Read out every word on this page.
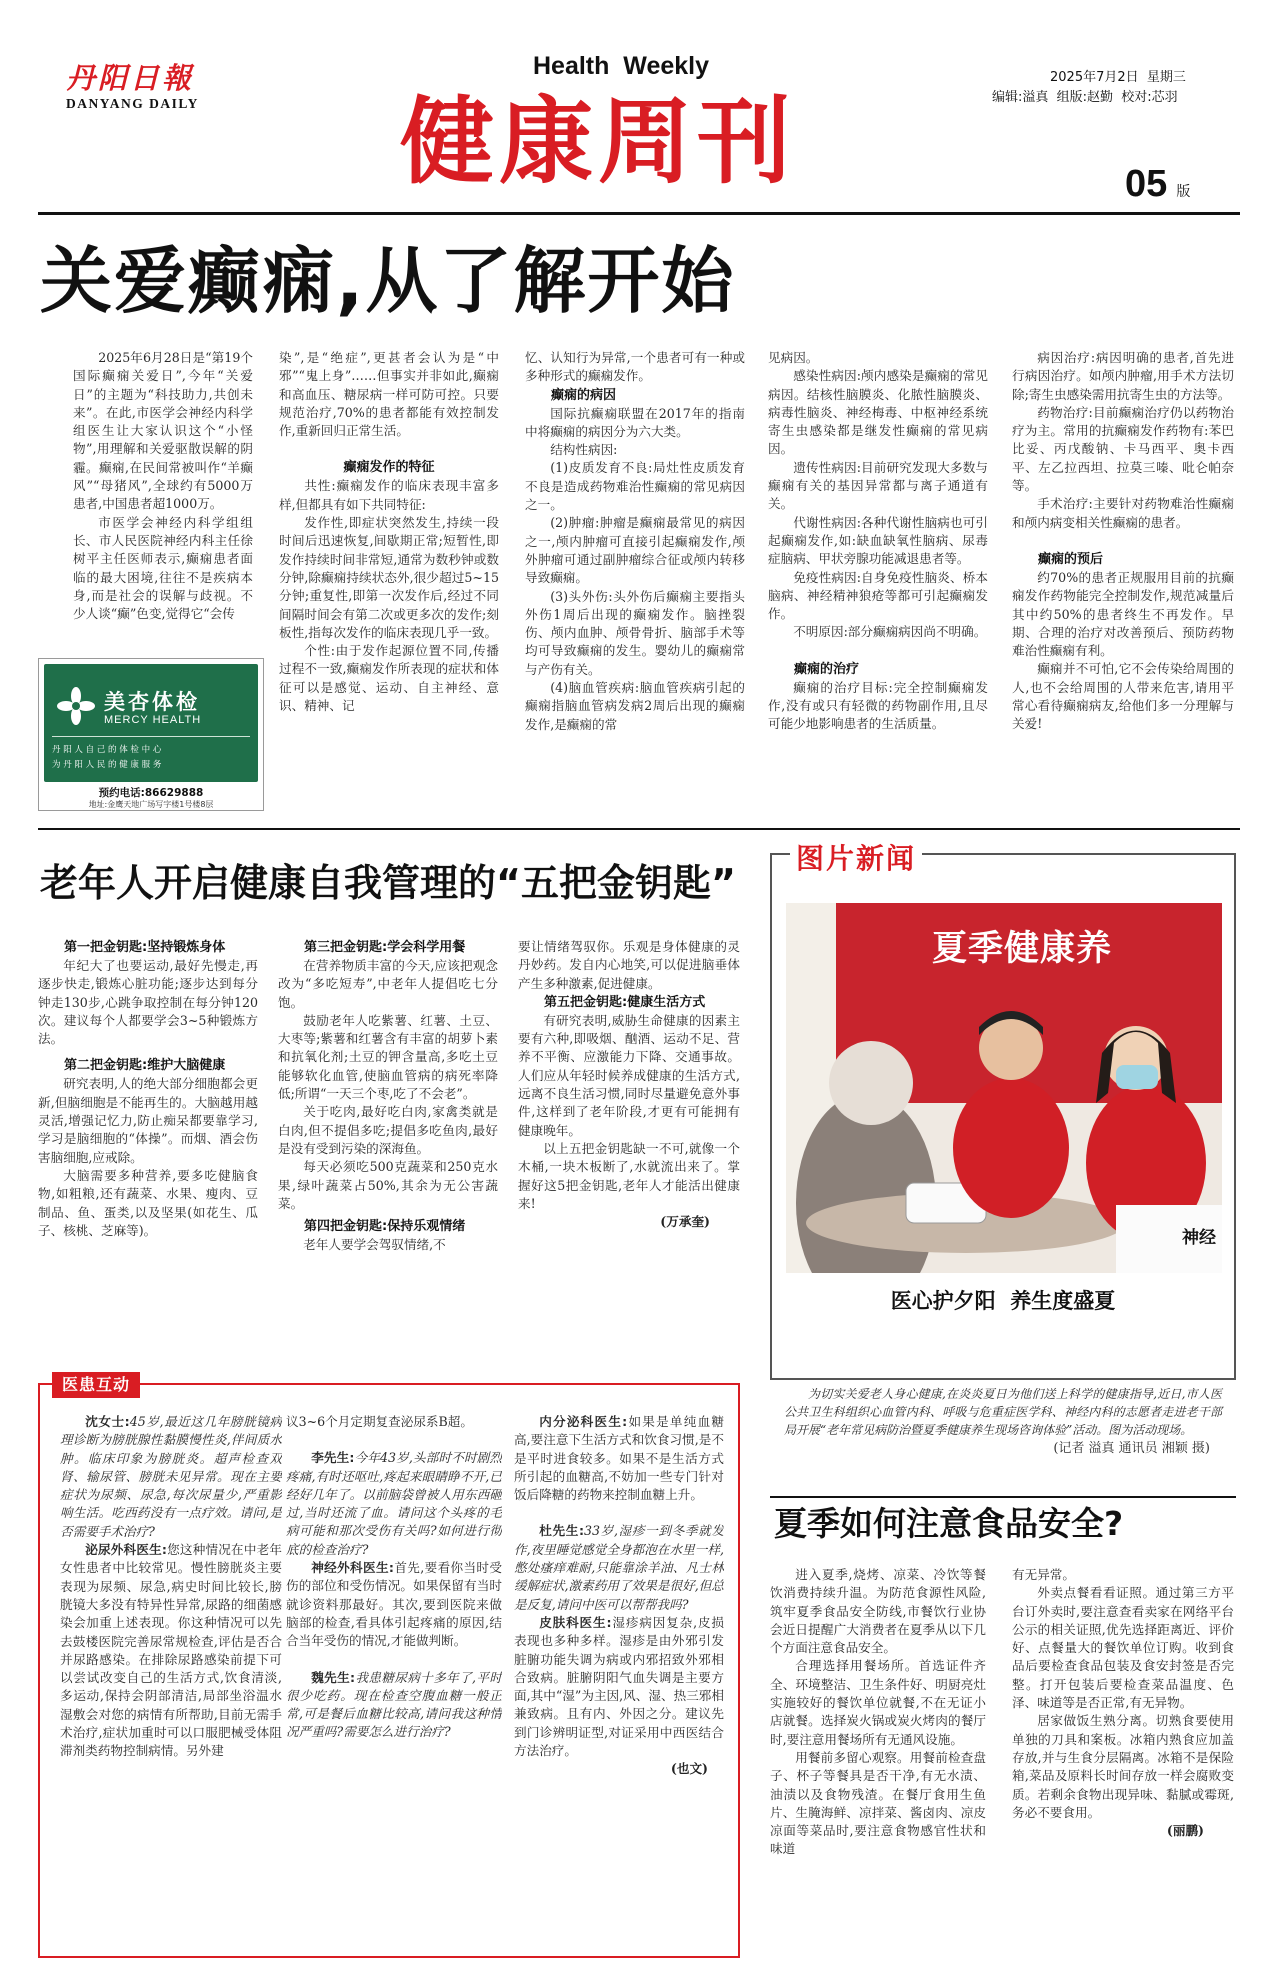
丹阳日報
DANYANG DAILY
Health  Weekly
健康周刊
2025年7月2日  星期三
编辑:溢真  组版:赵勤  校对:芯羽
05 版
关爱癫痫,从了解开始

2025年6月28日是“第19个国际癫痫关爱日”,今年“关爱日”的主题为“科技助力,共创未来”。在此,市医学会神经内科学组医生让大家认识这个“小怪物”,用理解和关爱驱散误解的阴霾。癫痫,在民间常被叫作“羊癫风”“母猪风”,全球约有5000万患者,中国患者超1000万。

市医学会神经内科学组组长、市人民医院神经内科主任徐树平主任医师表示,癫痫患者面临的最大困境,往往不是疾病本身,而是社会的误解与歧视。不少人谈“癫”色变,觉得它“会传

美杏体检
MERCY HEALTH
丹 阳 人 自 己 的 体 检 中 心
为 丹 阳 人 民 的 健 康 服 务
预约电话:86629888
地址:金鹰天地广场写字楼1号楼8层

染”,是“绝症”,更甚者会认为是“中邪”“鬼上身”……但事实并非如此,癫痫和高血压、糖尿病一样可防可控。只要规范治疗,70%的患者都能有效控制发作,重新回归正常生活。

癫痫发作的特征

共性:癫痫发作的临床表现丰富多样,但都具有如下共同特征:

发作性,即症状突然发生,持续一段时间后迅速恢复,间歇期正常;短暂性,即发作持续时间非常短,通常为数秒钟或数分钟,除癫痫持续状态外,很少超过5~15分钟;重复性,即第一次发作后,经过不同间隔时间会有第二次或更多次的发作;刻板性,指每次发作的临床表现几乎一致。

个性:由于发作起源位置不同,传播过程不一致,癫痫发作所表现的症状和体征可以是感觉、运动、自主神经、意识、精神、记

忆、认知行为异常,一个患者可有一种或多种形式的癫痫发作。

癫痫的病因

国际抗癫痫联盟在2017年的指南中将癫痫的病因分为六大类。

结构性病因:

(1)皮质发育不良:局灶性皮质发育不良是造成药物难治性癫痫的常见病因之一。

(2)肿瘤:肿瘤是癫痫最常见的病因之一,颅内肿瘤可直接引起癫痫发作,颅外肿瘤可通过副肿瘤综合征或颅内转移导致癫痫。

(3)头外伤:头外伤后癫痫主要指头外伤1周后出现的癫痫发作。脑挫裂伤、颅内血肿、颅骨骨折、脑部手术等均可导致癫痫的发生。婴幼儿的癫痫常与产伤有关。

(4)脑血管疾病:脑血管疾病引起的癫痫指脑血管病发病2周后出现的癫痫发作,是癫痫的常

见病因。

感染性病因:颅内感染是癫痫的常见病因。结核性脑膜炎、化脓性脑膜炎、病毒性脑炎、神经梅毒、中枢神经系统寄生虫感染都是继发性癫痫的常见病因。

遗传性病因:目前研究发现大多数与癫痫有关的基因异常都与离子通道有关。

代谢性病因:各种代谢性脑病也可引起癫痫发作,如:缺血缺氧性脑病、尿毒症脑病、甲状旁腺功能减退患者等。

免疫性病因:自身免疫性脑炎、桥本脑病、神经精神狼疮等都可引起癫痫发作。

不明原因:部分癫痫病因尚不明确。

癫痫的治疗

癫痫的治疗目标:完全控制癫痫发作,没有或只有轻微的药物副作用,且尽可能少地影响患者的生活质量。

病因治疗:病因明确的患者,首先进行病因治疗。如颅内肿瘤,用手术方法切除;寄生虫感染需用抗寄生虫的方法等。

药物治疗:目前癫痫治疗仍以药物治疗为主。常用的抗癫痫发作药物有:苯巴比妥、丙戊酸钠、卡马西平、奥卡西平、左乙拉西坦、拉莫三嗪、吡仑帕奈等。

手术治疗:主要针对药物难治性癫痫和颅内病变相关性癫痫的患者。

癫痫的预后

约70%的患者正规服用目前的抗癫痫发作药物能完全控制发作,规范减量后其中约50%的患者终生不再发作。早期、合理的治疗对改善预后、预防药物难治性癫痫有利。

癫痫并不可怕,它不会传染给周围的人,也不会给周围的人带来危害,请用平常心看待癫痫病友,给他们多一分理解与关爱!

老年人开启健康自我管理的“五把金钥匙”

第一把金钥匙:坚持锻炼身体

年纪大了也要运动,最好先慢走,再逐步快走,锻炼心脏功能;逐步达到每分钟走130步,心跳争取控制在每分钟120次。建议每个人都要学会3~5种锻炼方法。

第二把金钥匙:维护大脑健康

研究表明,人的绝大部分细胞都会更新,但脑细胞是不能再生的。大脑越用越灵活,增强记忆力,防止痴呆都要靠学习,学习是脑细胞的“体操”。而烟、酒会伤害脑细胞,应戒除。

大脑需要多种营养,要多吃健脑食物,如粗粮,还有蔬菜、水果、瘦肉、豆制品、鱼、蛋类,以及坚果(如花生、瓜子、核桃、芝麻等)。

第三把金钥匙:学会科学用餐

在营养物质丰富的今天,应该把观念改为“多吃短寿”,中老年人提倡吃七分饱。

鼓励老年人吃紫薯、红薯、土豆、大枣等;紫薯和红薯含有丰富的胡萝卜素和抗氧化剂;土豆的钾含量高,多吃土豆能够软化血管,使脑血管病的病死率降低;所谓“一天三个枣,吃了不会老”。

关于吃肉,最好吃白肉,家禽类就是白肉,但不提倡多吃;提倡多吃鱼肉,最好是没有受到污染的深海鱼。

每天必须吃500克蔬菜和250克水果,绿叶蔬菜占50%,其余为无公害蔬菜。

第四把金钥匙:保持乐观情绪

老年人要学会驾驭情绪,不

要让情绪驾驭你。乐观是身体健康的灵丹妙药。发自内心地笑,可以促进脑垂体产生多种激素,促进健康。

第五把金钥匙:健康生活方式

有研究表明,威胁生命健康的因素主要有六种,即吸烟、酗酒、运动不足、营养不平衡、应激能力下降、交通事故。人们应从年轻时候养成健康的生活方式,远离不良生活习惯,同时尽量避免意外事件,这样到了老年阶段,才更有可能拥有健康晚年。

以上五把金钥匙缺一不可,就像一个木桶,一块木板断了,水就流出来了。掌握好这5把金钥匙,老年人才能活出健康来!

(万承奎)

图片新闻
夏季健康养
神经
医心护夕阳  养生度盛夏

为切实关爱老人身心健康,在炎炎夏日为他们送上科学的健康指导,近日,市人医公共卫生科组织心血管内科、呼吸与危重症医学科、神经内科的志愿者走进老干部局开展“老年常见病防治暨夏季健康养生现场咨询体验”活动。图为活动现场。

(记者 溢真 通讯员 湘颖 摄)

医患互动

沈女士:45岁,最近这几年膀胱镜病理诊断为膀胱腺性黏膜慢性炎,伴间质水肿。临床印象为膀胱炎。超声检查双肾、输尿管、膀胱未见异常。现在主要症状为尿频、尿急,每次尿量少,严重影响生活。吃西药没有一点疗效。请问,是否需要手术治疗?

泌尿外科医生:您这种情况在中老年女性患者中比较常见。慢性膀胱炎主要表现为尿频、尿急,病史时间比较长,膀胱镜大多没有特异性异常,尿路的细菌感染会加重上述表现。你这种情况可以先去鼓楼医院完善尿常规检查,评估是否合并尿路感染。在排除尿路感染前提下可以尝试改变自己的生活方式,饮食清淡,多运动,保持会阴部清洁,局部坐浴温水湿敷会对您的病情有所帮助,目前无需手术治疗,症状加重时可以口服肥械受体阻滞剂类药物控制病情。另外建

议3~6个月定期复查泌尿系B超。

李先生:今年43岁,头部时不时剧烈疼痛,有时还呕吐,疼起来眼睛睁不开,已经好几年了。以前脑袋曾被人用东西砸过,当时还流了血。请问这个头疼的毛病可能和那次受伤有关吗?如何进行彻底的检查治疗?

神经外科医生:首先,要看你当时受伤的部位和受伤情况。如果保留有当时就诊资料那最好。其次,要到医院来做脑部的检查,看具体引起疼痛的原因,结合当年受伤的情况,才能做判断。

魏先生:我患糖尿病十多年了,平时很少吃药。现在检查空腹血糖一般正常,可是餐后血糖比较高,请问我这种情况严重吗?需要怎么进行治疗?

内分泌科医生:如果是单纯血糖高,要注意下生活方式和饮食习惯,是不是平时进食较多。如果不是生活方式所引起的血糖高,不妨加一些专门针对饭后降糖的药物来控制血糖上升。

杜先生:33岁,湿疹一到冬季就发作,夜里睡觉感觉全身都泡在水里一样,憋处瘙痒难耐,只能靠涂羊油、凡士林缓解症状,激素药用了效果是很好,但总是反复,请问中医可以帮帮我吗?

皮肤科医生:湿疹病因复杂,皮损表现也多种多样。湿疹是由外邪引发脏腑功能失调为病或内邪招致外邪相合致病。脏腑阴阳气血失调是主要方面,其中“湿”为主因,风、湿、热三邪相兼致病。且有内、外因之分。建议先到门诊辨明证型,对证采用中西医结合方法治疗。

(也文)

夏季如何注意食品安全?

进入夏季,烧烤、凉菜、冷饮等餐饮消费持续升温。为防范食源性风险,筑牢夏季食品安全防线,市餐饮行业协会近日提醒广大消费者在夏季从以下几个方面注意食品安全。

合理选择用餐场所。首选证件齐全、环境整洁、卫生条件好、明厨亮灶实施较好的餐饮单位就餐,不在无证小店就餐。选择炭火锅或炭火烤肉的餐厅时,要注意用餐场所有无通风设施。

用餐前多留心观察。用餐前检查盘子、杯子等餐具是否干净,有无水渍、油渍以及食物残渣。在餐厅食用生鱼片、生腌海鲜、凉拌菜、酱卤肉、凉皮凉面等菜品时,要注意食物感官性状和味道

有无异常。

外卖点餐看看证照。通过第三方平台订外卖时,要注意查看卖家在网络平台公示的相关证照,优先选择距离近、评价好、点餐量大的餐饮单位订购。收到食品后要检查食品包装及食安封签是否完整。打开包装后要检查菜品温度、色泽、味道等是否正常,有无异物。

居家做饭生熟分离。切熟食要使用单独的刀具和案板。冰箱内熟食应加盖存放,并与生食分层隔离。冰箱不是保险箱,菜品及原料长时间存放一样会腐败变质。若剩余食物出现异味、黏腻或霉斑,务必不要食用。

(丽鹏)
